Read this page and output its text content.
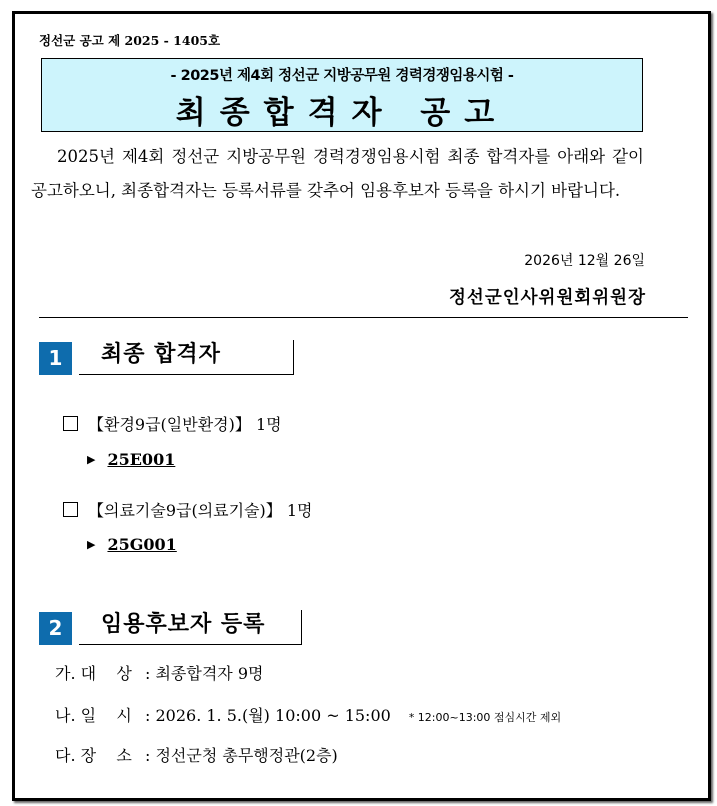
정선군 공고 제 2025 - 1405호
- 2025년 제4회 정선군 지방공무원 경력경쟁임용시험 -
최종합격자 공고
2025년 제4회 정선군 지방공무원 경력경쟁임용시험 최종 합격자를 아래와 같이 공고하오니, 최종합격자는 등록서류를 갖추어 임용후보자 등록을 하시기 바랍니다.
2026년 12월 26일
정선군인사위원회위원장
1	최종 합격자
【환경9급(일반환경)】 1명
▶ 25E001
【의료기술9급(의료기술)】 1명
▶ 25G001
2	임용후보자 등록
가. 대    상 : 최종합격자 9명
나. 일    시 : 2026. 1. 5.(월) 10:00 ~ 15:00 * 12:00~13:00 점심시간 제외
다. 장    소 : 정선군청 총무행정관(2층)
